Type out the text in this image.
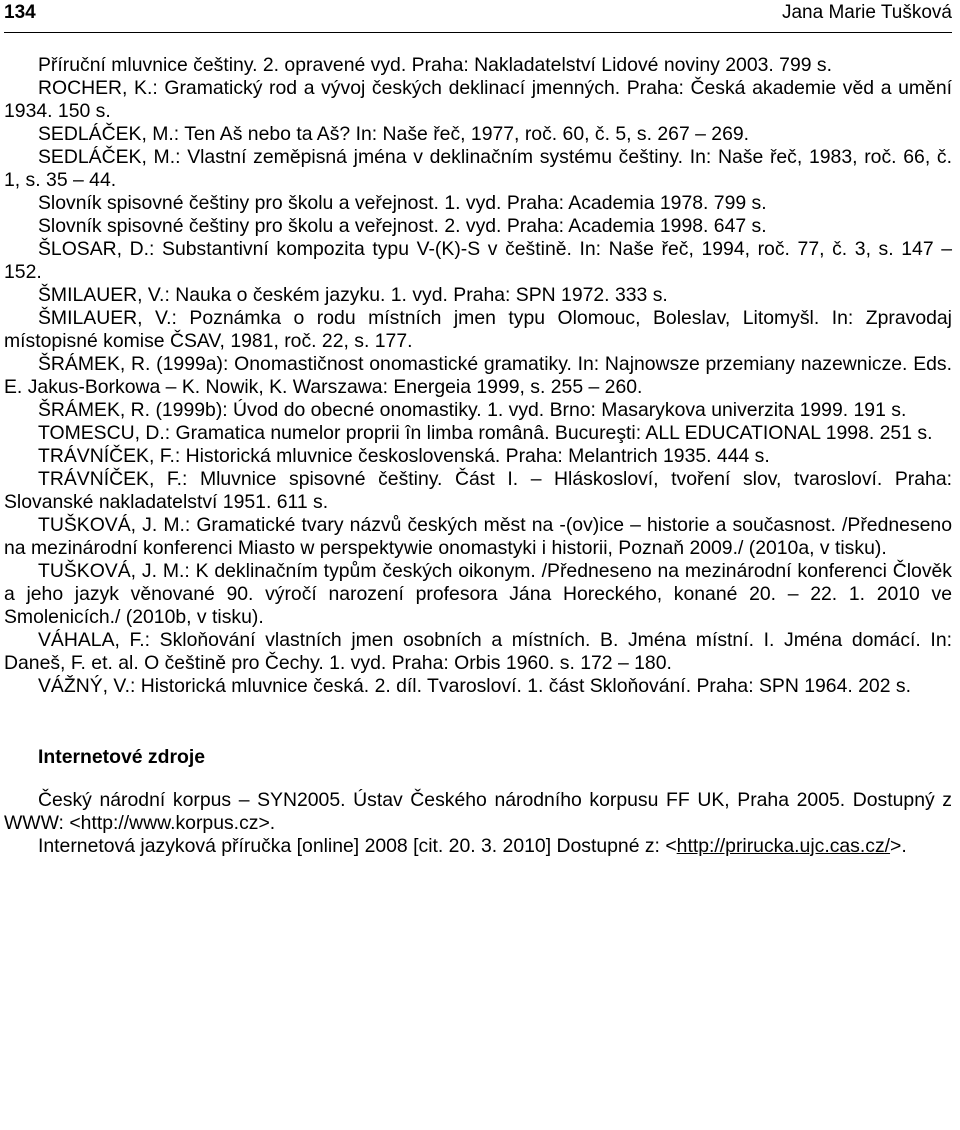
134	Jana Marie Tušková

Příruční mluvnice češtiny. 2. opravené vyd. Praha: Nakladatelství Lidové noviny 2003. 799 s.

ROCHER, K.: Gramatický rod a vývoj českých deklinací jmenných. Praha: Česká akademie věd a umění 1934. 150 s.

SEDLÁČEK, M.: Ten Aš nebo ta Aš? In: Naše řeč, 1977, roč. 60, č. 5, s. 267 – 269.

SEDLÁČEK, M.: Vlastní zeměpisná jména v deklinačním systému češtiny. In: Naše řeč, 1983, roč. 66, č. 1, s. 35 – 44.

Slovník spisovné češtiny pro školu a veřejnost. 1. vyd. Praha: Academia 1978. 799 s.

Slovník spisovné češtiny pro školu a veřejnost. 2. vyd. Praha: Academia 1998. 647 s.

ŠLOSAR, D.: Substantivní kompozita typu V-(K)-S v češtině. In: Naše řeč, 1994, roč. 77, č. 3, s. 147 – 152.

ŠMILAUER, V.: Nauka o českém jazyku. 1. vyd. Praha: SPN 1972. 333 s.

ŠMILAUER, V.: Poznámka o rodu místních jmen typu Olomouc, Boleslav, Litomyšl. In: Zpravodaj místopisné komise ČSAV, 1981, roč. 22, s. 177.

ŠRÁMEK, R. (1999a): Onomastičnost onomastické gramatiky. In: Najnowsze przemiany nazewnicze. Eds. E. Jakus-Borkowa – K. Nowik, K. Warszawa: Energeia 1999, s. 255 – 260.

ŠRÁMEK, R. (1999b): Úvod do obecné onomastiky. 1. vyd. Brno: Masarykova univerzita 1999. 191 s.

TOMESCU, D.: Gramatica numelor proprii în limba românâ. Bucureşti: ALL EDUCATIONAL 1998. 251 s.

TRÁVNÍČEK, F.: Historická mluvnice československá. Praha: Melantrich 1935. 444 s.

TRÁVNÍČEK, F.: Mluvnice spisovné češtiny. Část I. – Hláskosloví, tvoření slov, tvarosloví. Praha: Slovanské nakladatelství 1951. 611 s.

TUŠKOVÁ, J. M.: Gramatické tvary názvů českých měst na -(ov)ice – historie a současnost. /Předneseno na mezinárodní konferenci Miasto w perspektywie onomastyki i historii, Poznaň 2009./ (2010a, v tisku).

TUŠKOVÁ, J. M.: K deklinačním typům českých oikonym. /Předneseno na mezinárodní konferenci Člověk a jeho jazyk věnované 90. výročí narození profesora Jána Horeckého, konané 20. – 22. 1. 2010 ve Smolenicích./ (2010b, v tisku).

VÁHALA, F.: Skloňování vlastních jmen osobních a místních. B. Jména místní. I. Jména domácí. In: Daneš, F. et. al. O češtině pro Čechy. 1. vyd. Praha: Orbis 1960. s. 172 – 180.

VÁŽNÝ, V.: Historická mluvnice česká. 2. díl. Tvarosloví. 1. část Skloňování. Praha: SPN 1964. 202 s.

Internetové zdroje

Český národní korpus – SYN2005. Ústav Českého národního korpusu FF UK, Praha 2005. Dostupný z WWW: <http://www.korpus.cz>.

Internetová jazyková příručka [online] 2008 [cit. 20. 3. 2010] Dostupné z: <http://prirucka.ujc.cas.cz/>.
